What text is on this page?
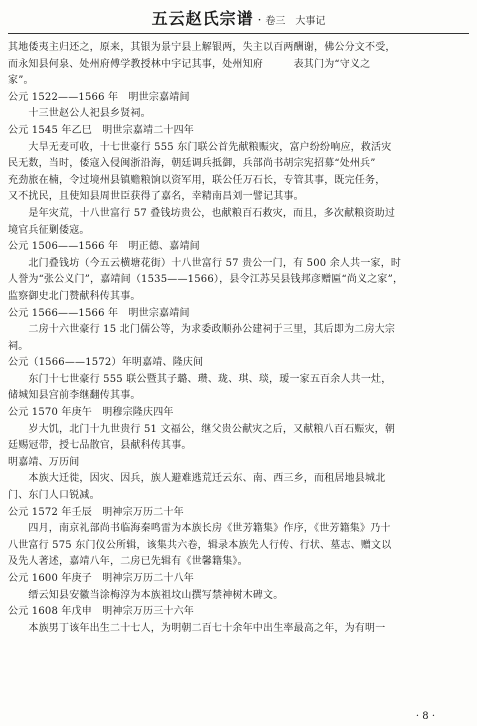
五云赵氏宗谱 · 卷三　大事记
其地倭夷主归还之，原来，其银为景宁县上解银两，失主以百两酬谢，佛公分文不受，
而永知县何泉、处州府傅学教授林中宇记其事，处州知府　　　表其门为“守义之
家”。
公元 1522——1566 年　明世宗嘉靖间
　　十三世赵公人祀县乡贤祠。
公元 1545 年乙巳　明世宗嘉靖二十四年
　　大旱无麦可收，十七世豪行 555 东门联公首先献粮赈灾，富户纷纷响应，救活灾
民无数，当时，倭寇入侵闽浙沿海，朝廷调兵抵御，兵部尚书胡宗宪招募“处州兵”
充劲旅在楠，令过境州县镇赡粮饷以资军用，联公任万石长，专管其事，既完任务，
又不扰民，且使知县周世臣获得了嘉名，幸精南昌刘一譬记其事。
　　是年灾荒，十八世富行 57 叠钱坊贵公，也献粮百石救灾，而且，多次献粮资助过
境官兵征剿倭寇。
公元 1506——1566 年　明正德、嘉靖间
　　北门叠钱坊（今五云横塘花街）十八世富行 57 贵公一门，有 500 余人共一家，时
人誉为“张公义门”，嘉靖间（1535——1566），县令江苏吴县钱邦彦赠匾“尚义之家”，
监察御史北门赞献科传其事。
公元 1566——1566 年　明世宗嘉靖间
　　二房十六世豪行 15 北门儒公等，为求委政顺孙公建祠于三里，其后即为二房大宗
祠。
公元（1566——1572）年明嘉靖、隆庆间
　　东门十七世豪行 555 联公暨其子璐、瓒、珑、琪、琰，瑷一家五百余人共一灶，
储城知县宫前李继翻传其事。
公元 1570 年庚午　明穆宗隆庆四年
　　岁大饥，北门十九世贵行 51 文福公，继父贵公献灾之后，又献粮八百石赈灾，朝
廷赐冠带，授七品散官，县献科传其事。
明嘉靖、万历间
　　本族大迁徙，因灾、因兵，族人避难逃荒迁云东、南、西三乡，而租居地县城北
门、东门人口锐减。
公元 1572 年壬辰　明神宗万历二十年
　　四月，南京礼部尚书临海秦鸣雷为本族长房《世芳籍集》作序，《世芳籍集》乃十
八世富行 575 东门仪公所辑，该集共六卷，辑录本族先人行传、行状、墓志、赠文以
及先人著述，嘉靖八年，二房已先辑有《世馨籍集》。
公元 1600 年庚子　明神宗万历二十八年
　　缙云知县安徽当涂梅淳为本族祖坟山撰写禁神树木碑文。
公元 1608 年戊申　明神宗万历三十六年
　　本族男丁该年出生二十七人，为明朝二百七十余年中出生率最高之年，为有明一
· 8 ·
